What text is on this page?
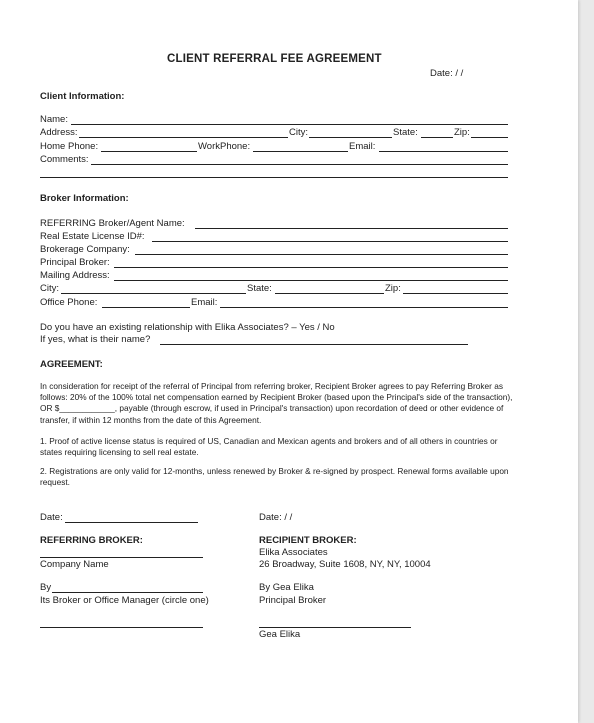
CLIENT REFERRAL FEE AGREEMENT
Date: / /
Client Information:
Name:
Address:	City:	State:	Zip:
Home Phone:	WorkPhone:	Email:
Comments:
Broker Information:
REFERRING Broker/Agent Name:
Real Estate License ID#:
Brokerage Company:
Principal Broker:
Mailing Address:
City:	State:	Zip:
Office Phone:	Email:
Do you have an existing relationship with Elika Associates? – Yes / No
If yes, what is their name?
AGREEMENT:
In consideration for receipt of the referral of Principal from referring broker, Recipient Broker agrees to pay Referring Broker as follows: 20% of the 100% total net compensation earned by Recipient Broker (based upon the Principal's side of the transaction), OR $____________, payable (through escrow, if used in Principal's transaction) upon recordation of deed or other evidence of transfer, if within 12 months from the date of this Agreement.
1. Proof of active license status is required of US, Canadian and Mexican agents and brokers and of all others in countries or states requiring licensing to sell real estate.
2. Registrations are only valid for 12-months, unless renewed by Broker & re-signed by prospect. Renewal forms available upon request.
Date:
REFERRING BROKER:
Company Name
By
Its Broker or Office Manager (circle one)
Date: / /
RECIPIENT BROKER:
Elika Associates
26 Broadway, Suite 1608, NY, NY, 10004
By Gea Elika
Principal Broker
Gea Elika
